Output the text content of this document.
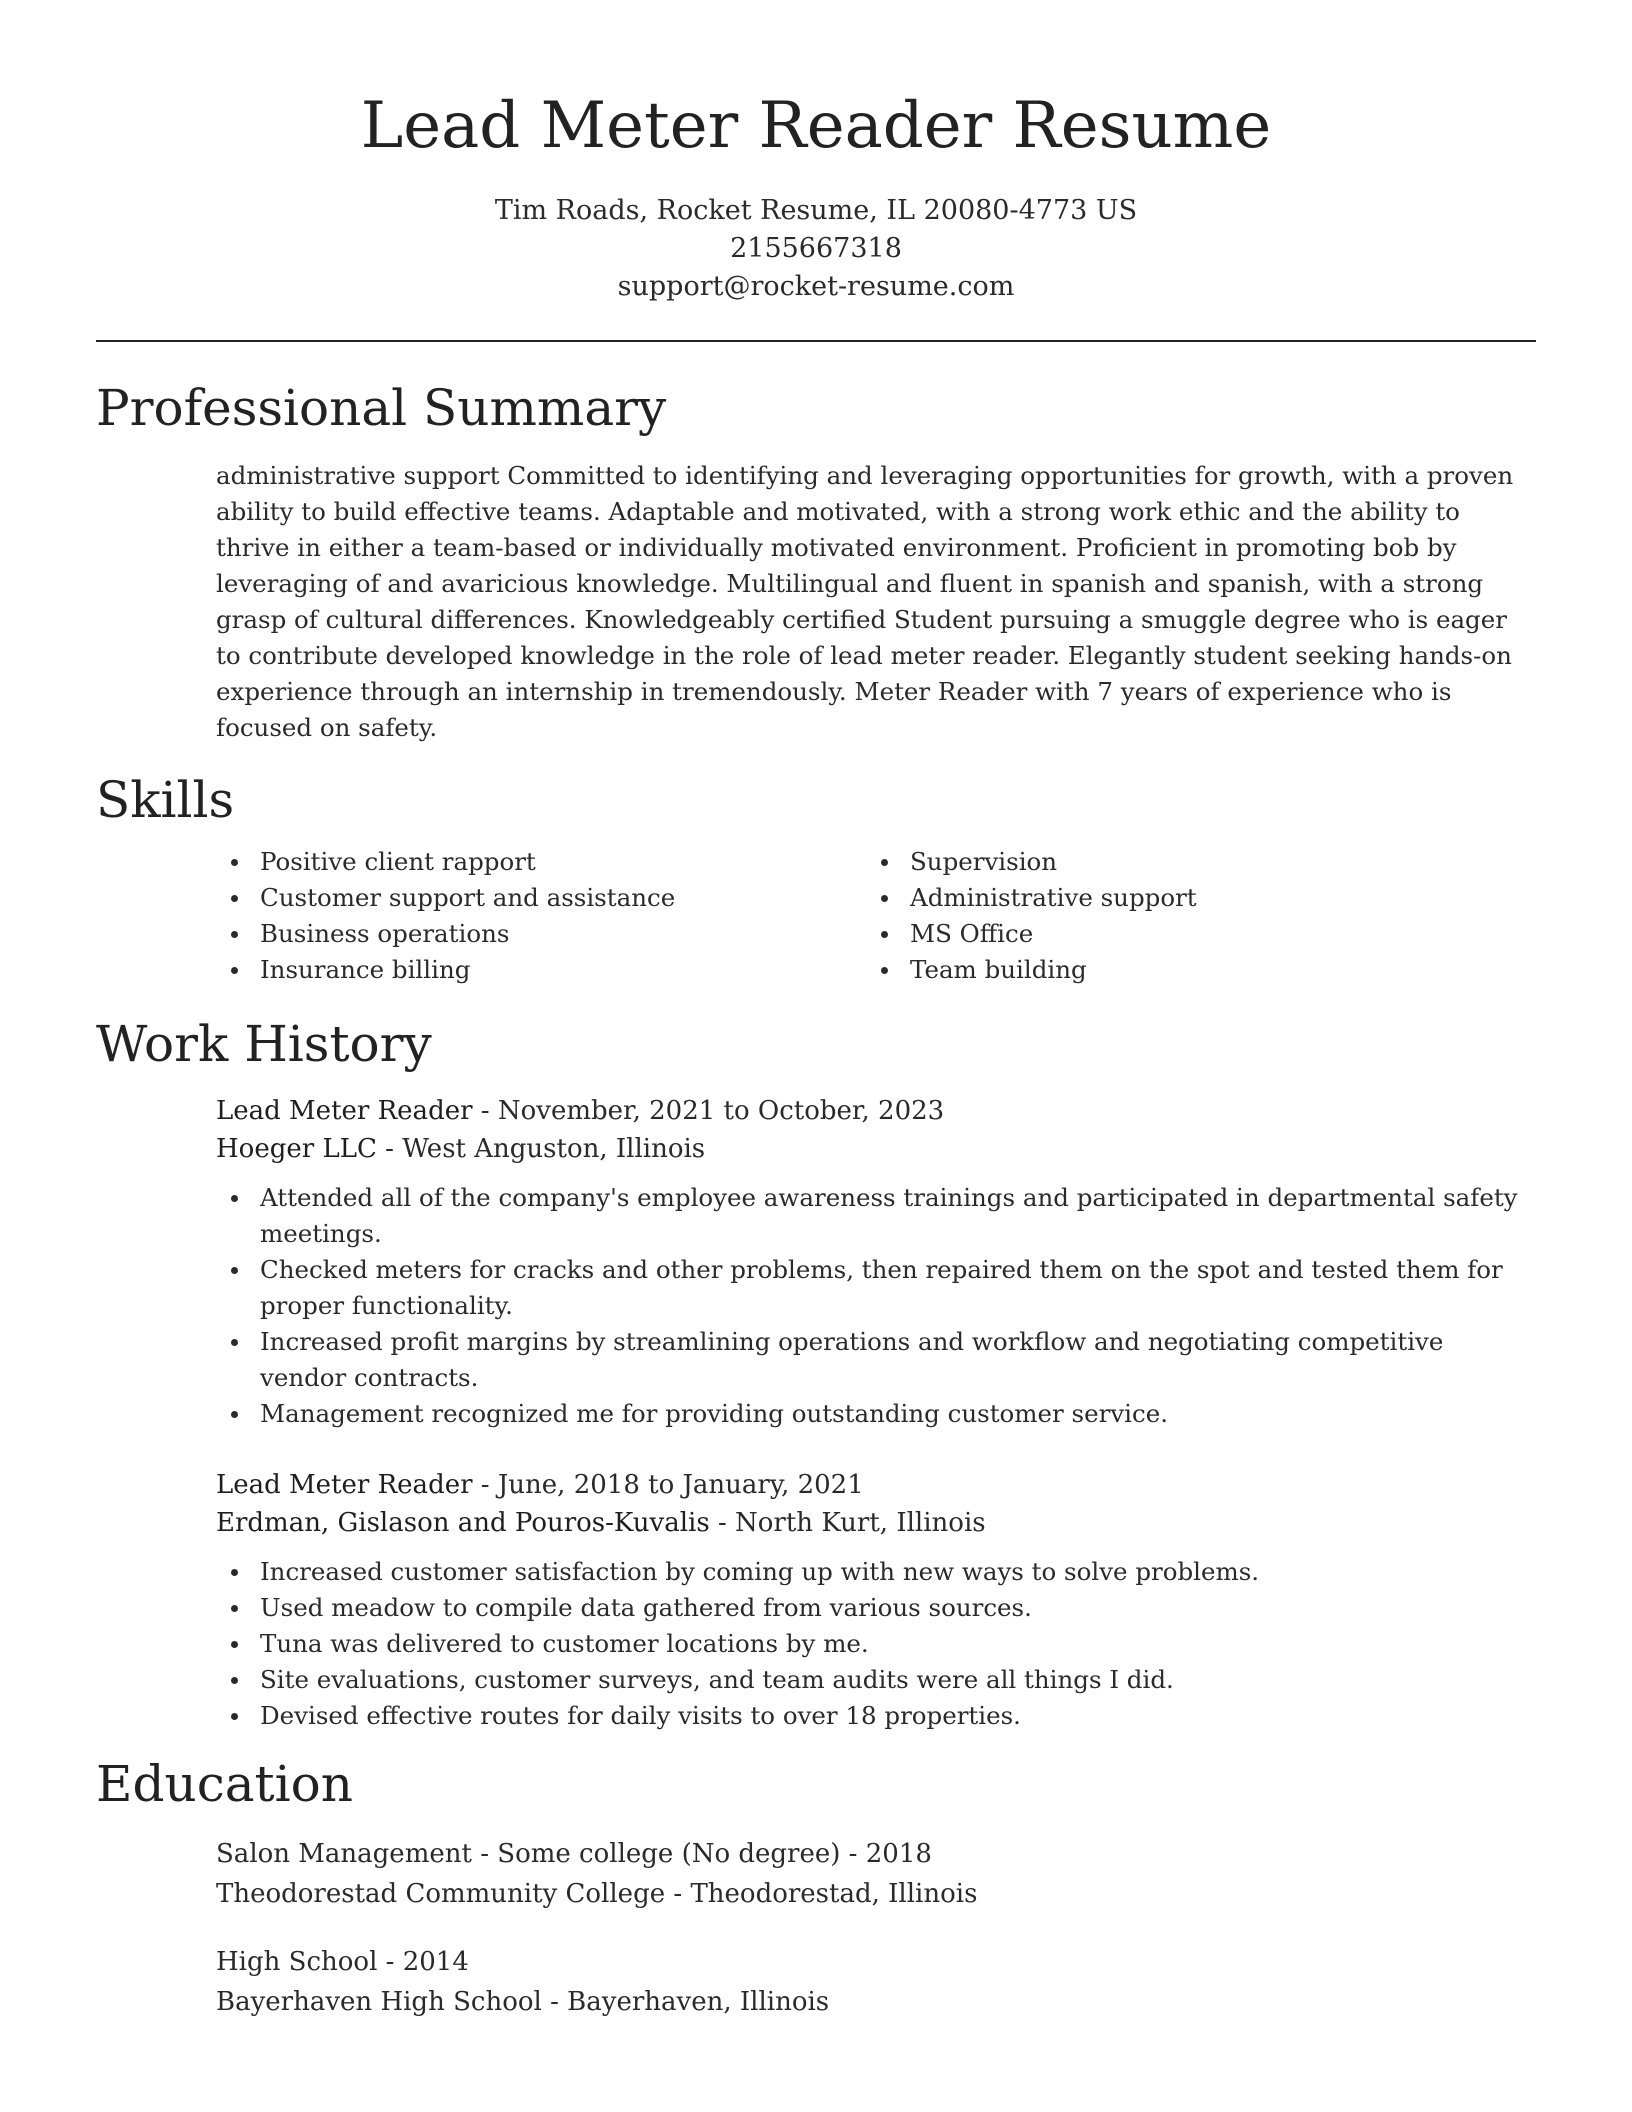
Lead Meter Reader Resume
Tim Roads, Rocket Resume, IL 20080-4773 US
2155667318
support@rocket-resume.com
Professional Summary

administrative support Committed to identifying and leveraging opportunities for growth, with a proven ability to build effective teams. Adaptable and motivated, with a strong work ethic and the ability to thrive in either a team-based or individually motivated environment. Proficient in promoting bob by leveraging of and avaricious knowledge. Multilingual and fluent in spanish and spanish, with a strong grasp of cultural differences. Knowledgeably certified Student pursuing a smuggle degree who is eager to contribute developed knowledge in the role of lead meter reader. Elegantly student seeking hands-on experience through an internship in tremendously. Meter Reader with 7 years of experience who is focused on safety.

Skills
Positive client rapport
Customer support and assistance
Business operations
Insurance billing
Supervision
Administrative support
MS Office
Team building
Work History
Lead Meter Reader - November, 2021 to October, 2023
Hoeger LLC - West Anguston, Illinois
Attended all of the company's employee awareness trainings and participated in departmental safety meetings.
Checked meters for cracks and other problems, then repaired them on the spot and tested them for proper functionality.
Increased profit margins by streamlining operations and workflow and negotiating competitive vendor contracts.
Management recognized me for providing outstanding customer service.
Lead Meter Reader - June, 2018 to January, 2021
Erdman, Gislason and Pouros-Kuvalis - North Kurt, Illinois
Increased customer satisfaction by coming up with new ways to solve problems.
Used meadow to compile data gathered from various sources.
Tuna was delivered to customer locations by me.
Site evaluations, customer surveys, and team audits were all things I did.
Devised effective routes for daily visits to over 18 properties.
Education
Salon Management - Some college (No degree) - 2018
Theodorestad Community College - Theodorestad, Illinois
High School - 2014
Bayerhaven High School - Bayerhaven, Illinois
